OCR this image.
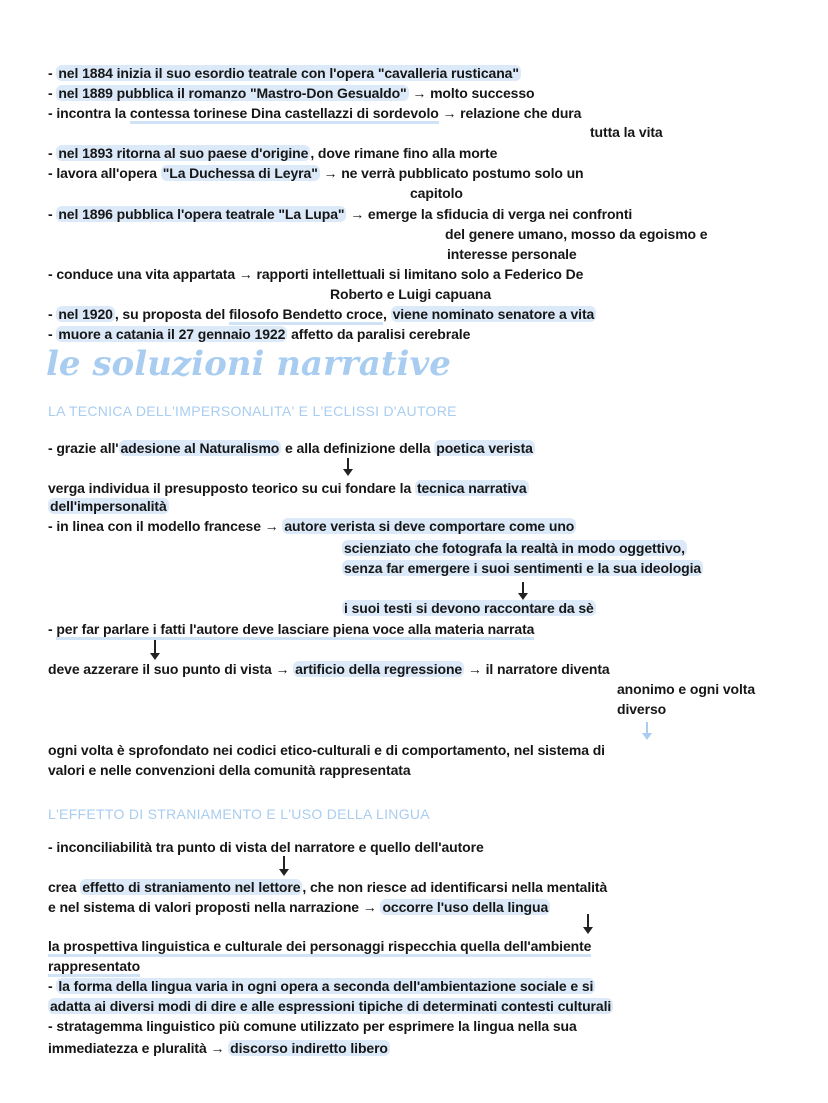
le soluzioni narrative
LA TECNICA DELL'IMPERSONALITA' E L'ECLISSI D'AUTORE
L'EFFETTO DI STRANIAMENTO E L'USO DELLA LINGUA
- nel 1884 inizia il suo esordio teatrale con l'opera "cavalleria rusticana"
- nel 1889 pubblica il romanzo "Mastro-Don Gesualdo" → molto successo
- incontra la contessa torinese Dina castellazzi di sordevolo → relazione che dura
tutta la vita
- nel 1893 ritorna al suo paese d'origine , dove rimane fino alla morte
- lavora all'opera "La Duchessa di Leyra" → ne verrà pubblicato postumo solo un
capitolo
- nel 1896 pubblica l'opera teatrale "La Lupa" → emerge la sfiducia di verga nei confronti
del genere umano, mosso da egoismo e
interesse personale
- conduce una vita appartata → rapporti intellettuali si limitano solo a Federico De
Roberto e Luigi capuana
- nel 1920 , su proposta del filosofo Bendetto croce, viene nominato senatore a vita
- muore a catania il 27 gennaio 1922 affetto da paralisi cerebrale
- grazie all' adesione al Naturalismo e alla definizione della poetica verista
verga individua il presupposto teorico su cui fondare la tecnica narrativa
dell'impersonalità
- in linea con il modello francese → autore verista si deve comportare come uno
scienziato che fotografa la realtà in modo oggettivo,
senza far emergere i suoi sentimenti e la sua ideologia
i suoi testi si devono raccontare da sè
- per far parlare i fatti l'autore deve lasciare piena voce alla materia narrata
deve azzerare il suo punto di vista → artificio della regressione → il narratore diventa
anonimo e ogni volta
diverso
ogni volta è sprofondato nei codici etico-culturali e di comportamento, nel sistema di
valori e nelle convenzioni della comunità rappresentata
- inconciliabilità tra punto di vista del narratore e quello dell'autore
crea effetto di straniamento nel lettore , che non riesce ad identificarsi nella mentalità
e nel sistema di valori proposti nella narrazione → occorre l'uso della lingua
la prospettiva linguistica e culturale dei personaggi rispecchia quella dell'ambiente
rappresentato
- la forma della lingua varia in ogni opera a seconda dell'ambientazione sociale e si
adatta ai diversi modi di dire e alle espressioni tipiche di determinati contesti culturali
- stratagemma linguistico più comune utilizzato per esprimere la lingua nella sua
immediatezza e pluralità → discorso indiretto libero
